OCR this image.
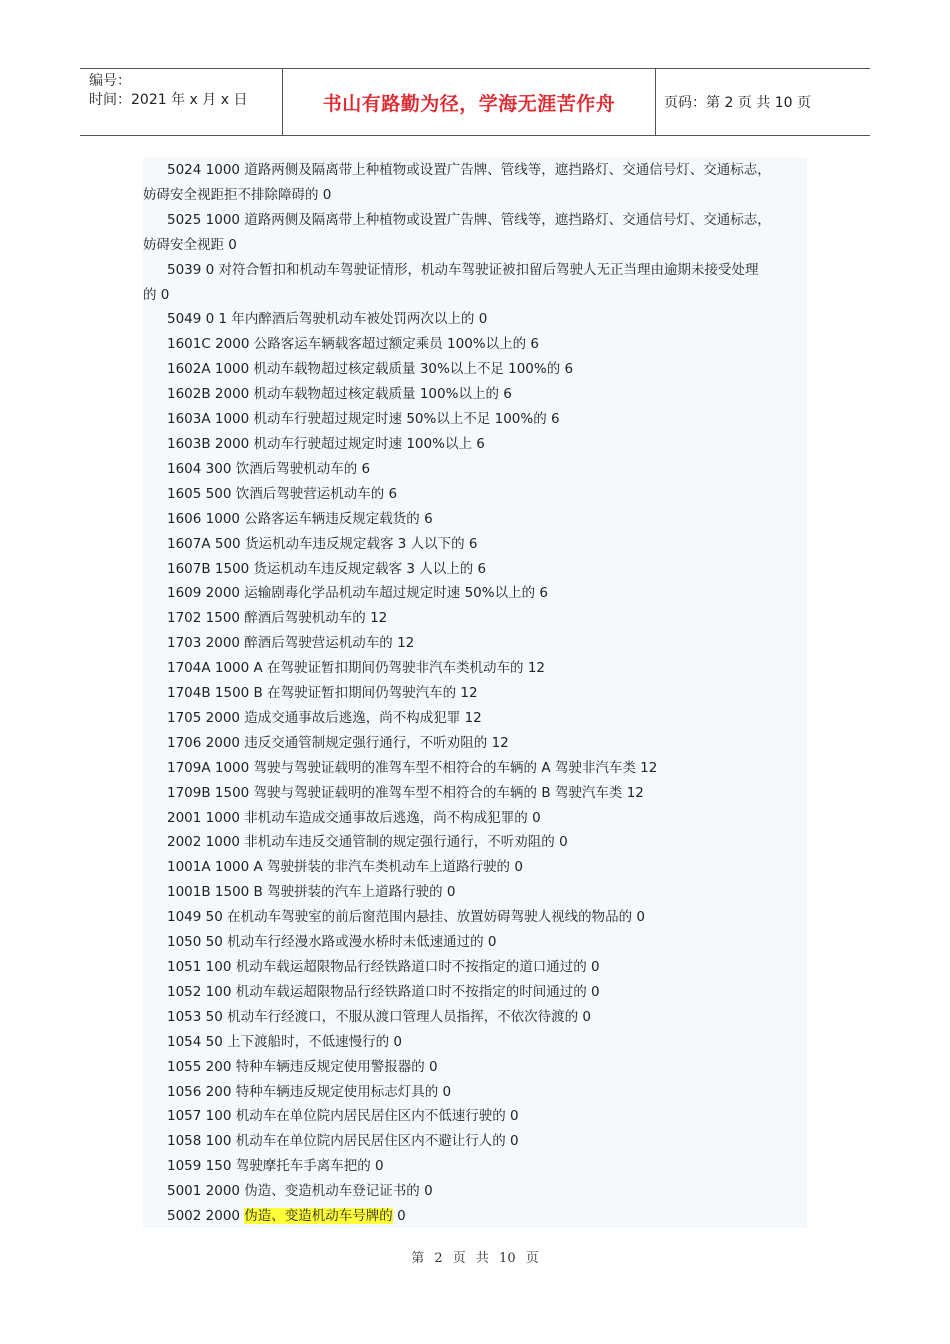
编号：
时间：2021 年 x 月 x 日	书山有路勤为径，学海无涯苦作舟	页码：第 2 页 共 10 页
5024 1000 道路两侧及隔离带上种植物或设置广告牌、管线等，遮挡路灯、交通信号灯、交通标志，
妨碍安全视距拒不排除障碍的 0
5025 1000 道路两侧及隔离带上种植物或设置广告牌、管线等，遮挡路灯、交通信号灯、交通标志，
妨碍安全视距 0
5039 0 对符合暂扣和机动车驾驶证情形，机动车驾驶证被扣留后驾驶人无正当理由逾期未接受处理
的 0
5049 0 1 年内醉酒后驾驶机动车被处罚两次以上的 0
1601C 2000 公路客运车辆载客超过额定乘员 100%以上的 6
1602A 1000 机动车载物超过核定载质量 30%以上不足 100%的 6
1602B 2000 机动车载物超过核定载质量 100%以上的 6
1603A 1000 机动车行驶超过规定时速 50%以上不足 100%的 6
1603B 2000 机动车行驶超过规定时速 100%以上 6
1604 300 饮酒后驾驶机动车的 6
1605 500 饮酒后驾驶营运机动车的 6
1606 1000 公路客运车辆违反规定载货的 6
1607A 500 货运机动车违反规定载客 3 人以下的 6
1607B 1500 货运机动车违反规定载客 3 人以上的 6
1609 2000 运输剧毒化学品机动车超过规定时速 50%以上的 6
1702 1500 醉酒后驾驶机动车的 12
1703 2000 醉酒后驾驶营运机动车的 12
1704A 1000 A 在驾驶证暂扣期间仍驾驶非汽车类机动车的 12
1704B 1500 B 在驾驶证暂扣期间仍驾驶汽车的 12
1705 2000 造成交通事故后逃逸，尚不构成犯罪 12
1706 2000 违反交通管制规定强行通行，不听劝阻的 12
1709A 1000 驾驶与驾驶证载明的准驾车型不相符合的车辆的 A 驾驶非汽车类 12
1709B 1500 驾驶与驾驶证载明的准驾车型不相符合的车辆的 B 驾驶汽车类 12
2001 1000 非机动车造成交通事故后逃逸，尚不构成犯罪的 0
2002 1000 非机动车违反交通管制的规定强行通行，不听劝阻的 0
1001A 1000 A 驾驶拼装的非汽车类机动车上道路行驶的 0
1001B 1500 B 驾驶拼装的汽车上道路行驶的 0
1049 50 在机动车驾驶室的前后窗范围内悬挂、放置妨碍驾驶人视线的物品的 0
1050 50 机动车行经漫水路或漫水桥时未低速通过的 0
1051 100 机动车载运超限物品行经铁路道口时不按指定的道口通过的 0
1052 100 机动车载运超限物品行经铁路道口时不按指定的时间通过的 0
1053 50 机动车行经渡口，不服从渡口管理人员指挥，不依次待渡的 0
1054 50 上下渡船时，不低速慢行的 0
1055 200 特种车辆违反规定使用警报器的 0
1056 200 特种车辆违反规定使用标志灯具的 0
1057 100 机动车在单位院内居民居住区内不低速行驶的 0
1058 100 机动车在单位院内居民居住区内不避让行人的 0
1059 150 驾驶摩托车手离车把的 0
5001 2000 伪造、变造机动车登记证书的 0
5002 2000 伪造、变造机动车号牌的 0
第 2 页 共 10 页
